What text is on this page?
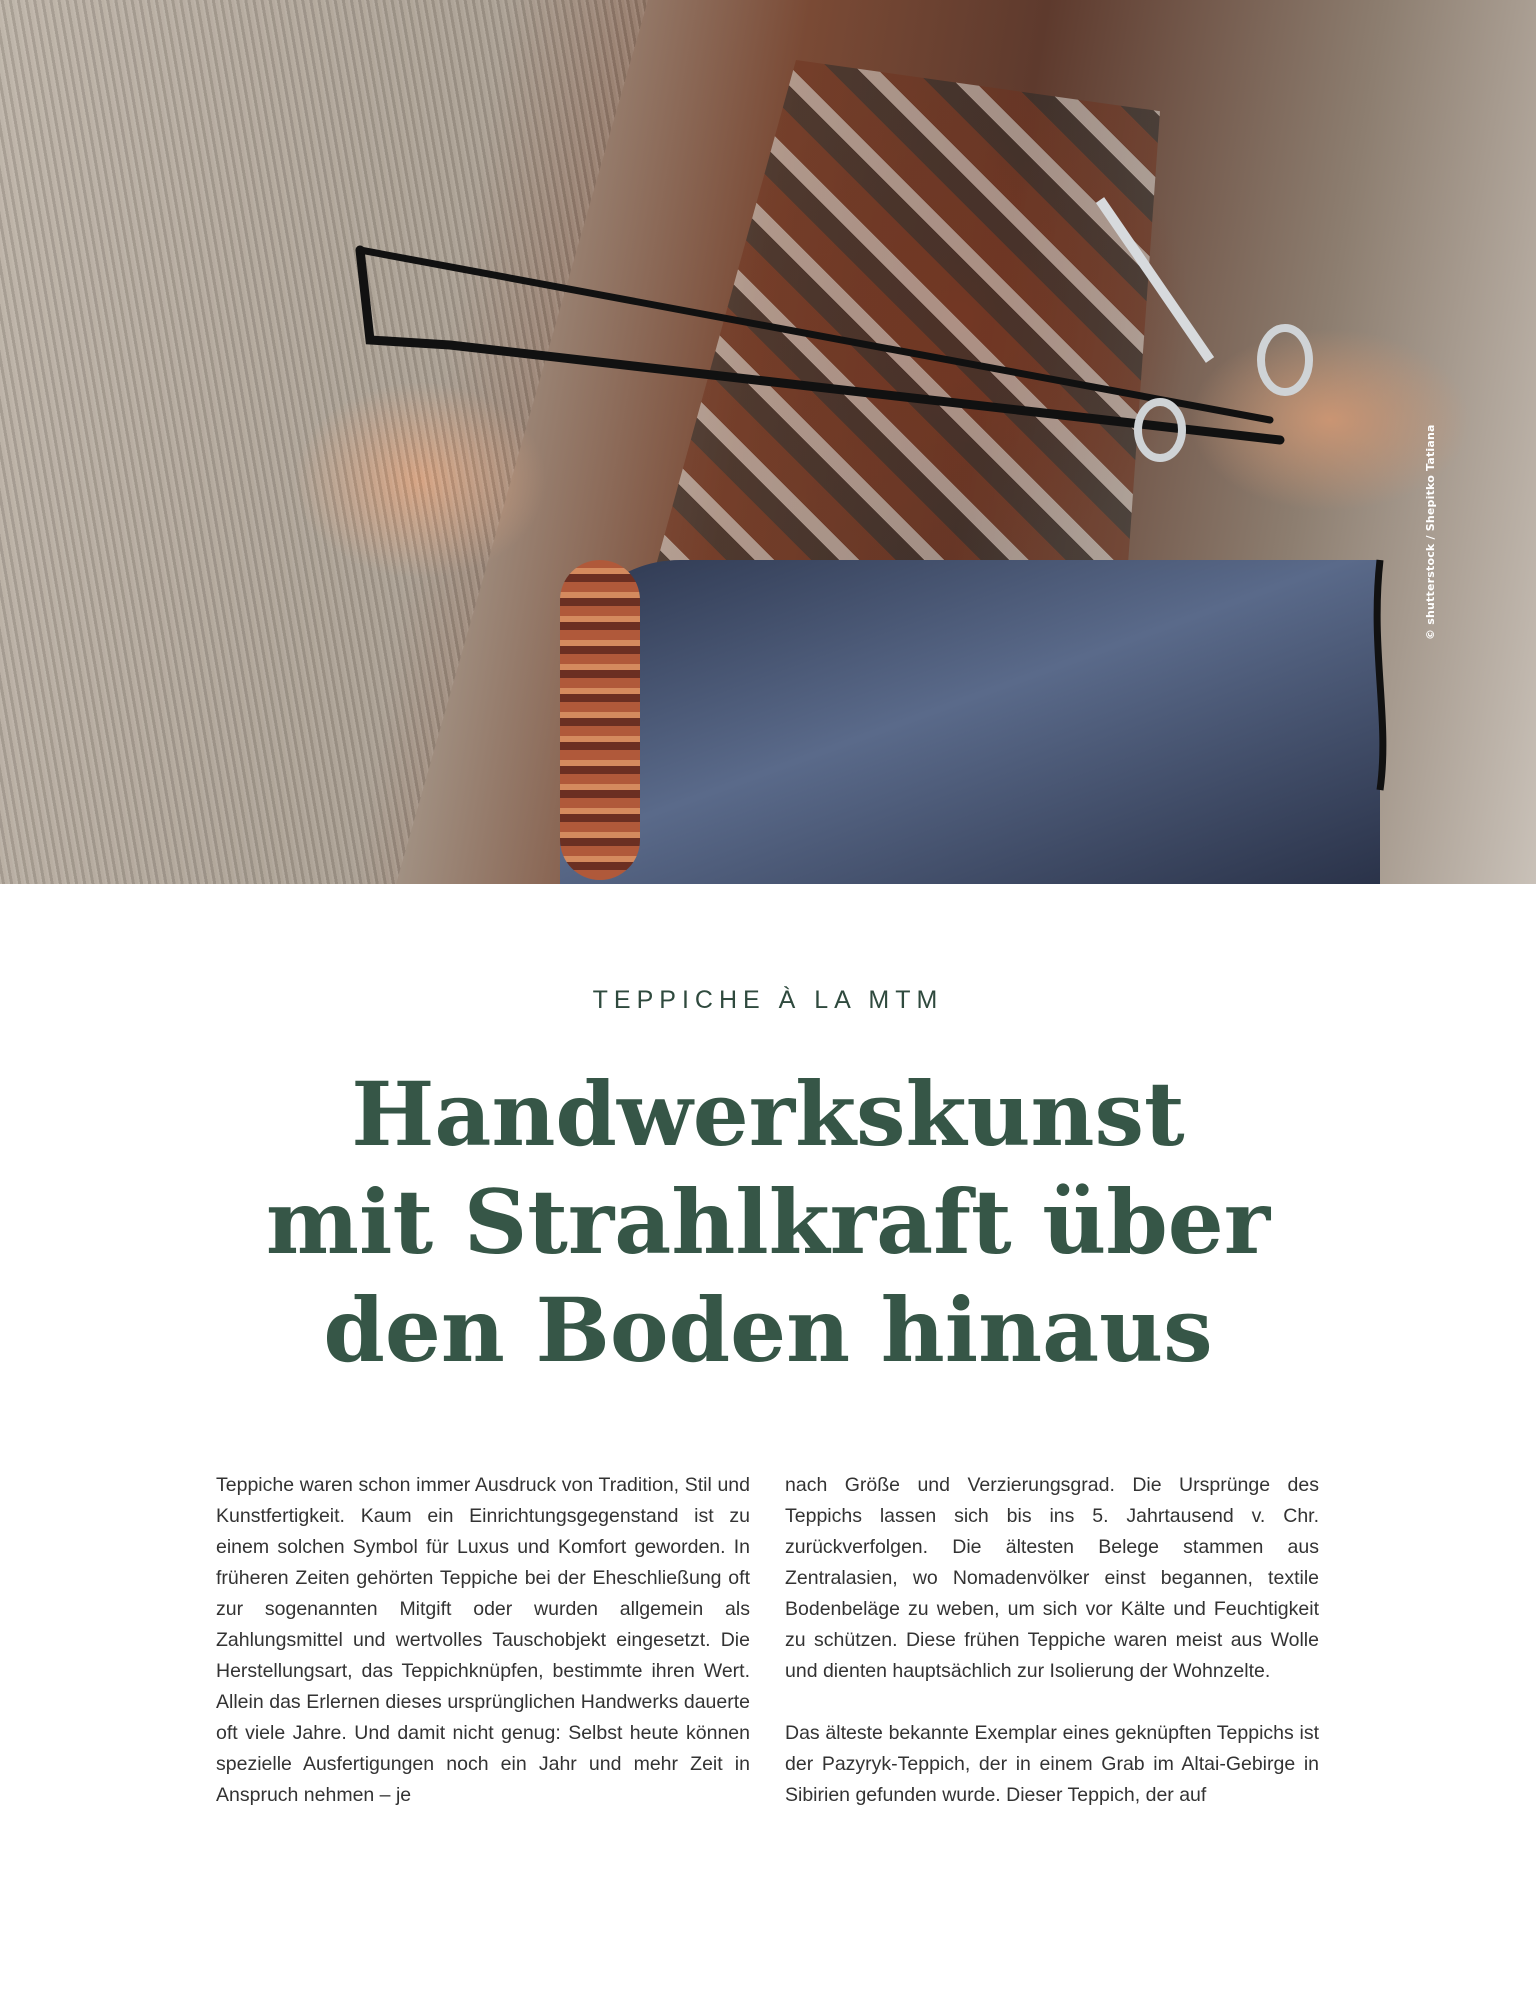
© shutterstock / Shepitko Tatiana
TEPPICHE À LA MTM
Handwerkskunst
mit Strahlkraft über
den Boden hinaus

Teppiche waren schon immer Ausdruck von Tradition, Stil und Kunstfertigkeit. Kaum ein Einrichtungsgegenstand ist zu einem solchen Symbol für Luxus und Komfort geworden. In früheren Zeiten gehörten Teppiche bei der Eheschließung oft zur sogenannten Mitgift oder wurden allgemein als Zahlungsmittel und wertvolles Tauschobjekt eingesetzt. Die Herstellungsart, das Teppichknüpfen, bestimmte ihren Wert. Allein das Erlernen dieses ursprünglichen Handwerks dauerte oft viele Jahre. Und damit nicht genug: Selbst heute können spezielle Ausfertigungen noch ein Jahr und mehr Zeit in Anspruch nehmen – je

nach Größe und Verzierungsgrad. Die Ursprünge des Teppichs lassen sich bis ins 5. Jahrtausend v. Chr. zurückverfolgen. Die ältesten Belege stammen aus Zentralasien, wo Nomadenvölker einst begannen, textile Bodenbeläge zu weben, um sich vor Kälte und Feuchtigkeit zu schützen. Diese frühen Teppiche waren meist aus Wolle und dienten hauptsächlich zur Isolierung der Wohnzelte.

Das älteste bekannte Exemplar eines geknüpften Teppichs ist der Pazyryk-Teppich, der in einem Grab im Altai-Gebirge in Sibirien gefunden wurde. Dieser Teppich, der auf
